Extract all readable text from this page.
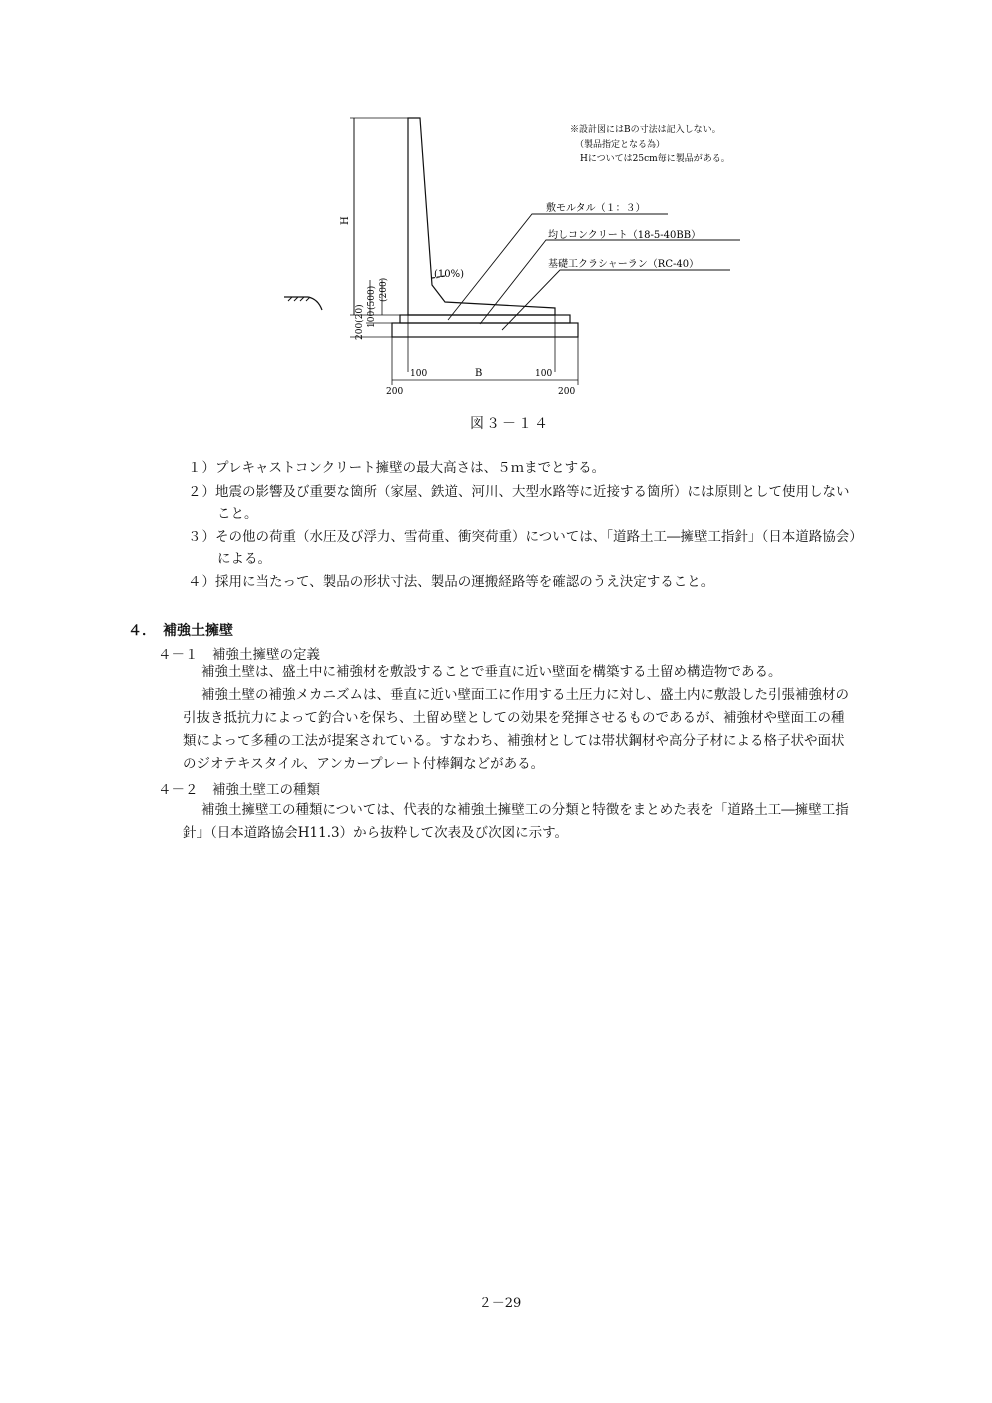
※設計図にはBの寸法は記入しない。
（製品指定となる為）
Hについては25cm毎に製品がある。
敷モルタル（１：３）
均しコンクリート（18-5-40BB）
基礎工クラシャーラン（RC-40）
(10%)
H
(500) (200)
100
200(20)
100	B	100
200	200
図３－１４
１）プレキャストコンクリート擁壁の最大高さは、５ｍまでとする。
２）地震の影響及び重要な箇所（家屋、鉄道、河川、大型水路等に近接する箇所）には原則として使用しない
こと。
３）その他の荷重（水圧及び浮力、雪荷重、衝突荷重）については、「道路土工―擁壁工指針」（日本道路協会）
による。
４）採用に当たって、製品の形状寸法、製品の運搬経路等を確認のうえ決定すること。
４．　補強土擁壁
４－１　補強土擁壁の定義
補強土壁は、盛土中に補強材を敷設することで垂直に近い壁面を構築する土留め構造物である。
補強土壁の補強メカニズムは、垂直に近い壁面工に作用する土圧力に対し、盛土内に敷設した引張補強材の
引抜き抵抗力によって釣合いを保ち、土留め壁としての効果を発揮させるものであるが、補強材や壁面工の種
類によって多種の工法が提案されている。すなわち、補強材としては帯状鋼材や高分子材による格子状や面状
のジオテキスタイル、アンカープレート付棒鋼などがある。
４－２　補強土壁工の種類
補強土擁壁工の種類については、代表的な補強土擁壁工の分類と特徴をまとめた表を「道路土工―擁壁工指
針」（日本道路協会H11.3）から抜粋して次表及び次図に示す。
２－29
